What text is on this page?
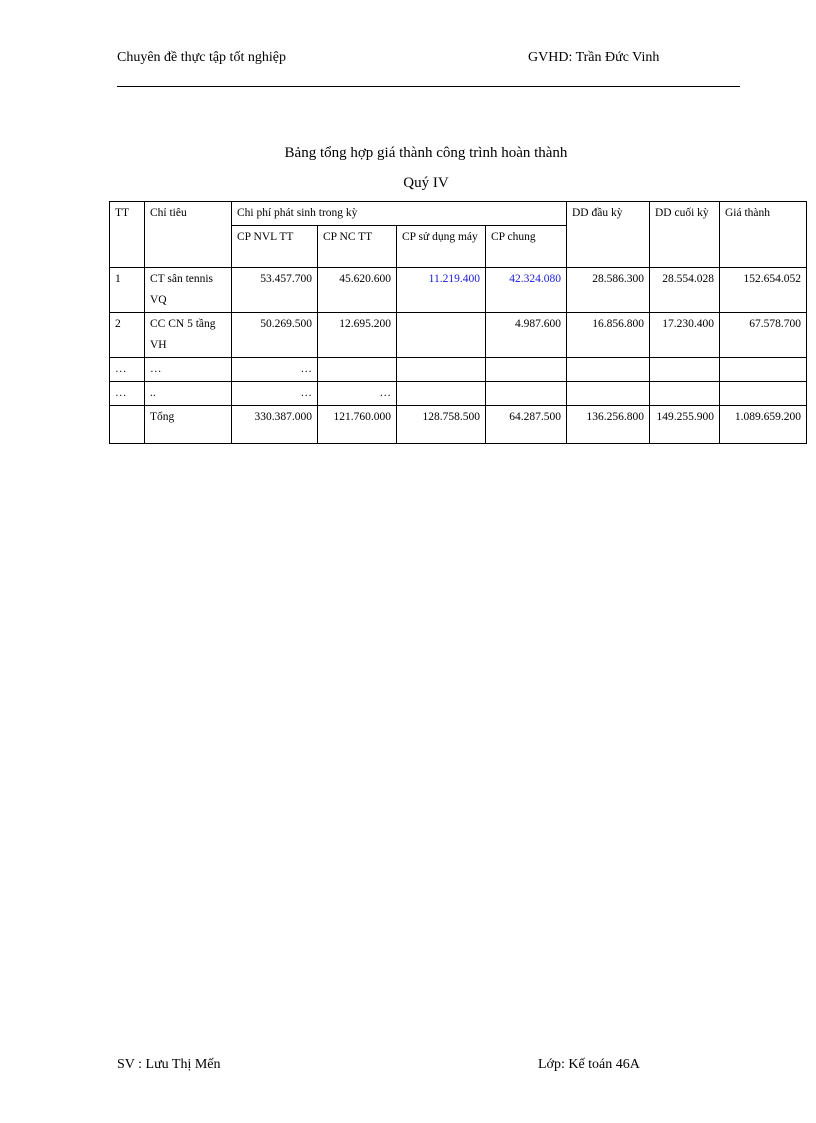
Chuyên đề thực tập tốt nghiệp	GVHD: Trần Đức Vinh
Bảng tổng hợp giá thành công trình hoàn thành
Quý IV
TT	Chỉ tiêu	Chi phí phát sinh trong kỳ				DD đầu kỳ	DD cuối kỳ	Giá thành
		CP NVL TT	CP NC TT	CP sử dụng máy	CP chung			
1	CT sân tennis VQ	53.457.700	45.620.600	11.219.400	42.324.080	28.586.300	28.554.028	152.654.052
2	CC CN 5 tầng VH	50.269.500	12.695.200		4.987.600	16.856.800	17.230.400	67.578.700
…	…	…						
…	..	…	…					
	Tổng	330.387.000	121.760.000	128.758.500	64.287.500	136.256.800	149.255.900	1.089.659.200
SV : Lưu Thị Mến	Lớp: Kế toán 46A
